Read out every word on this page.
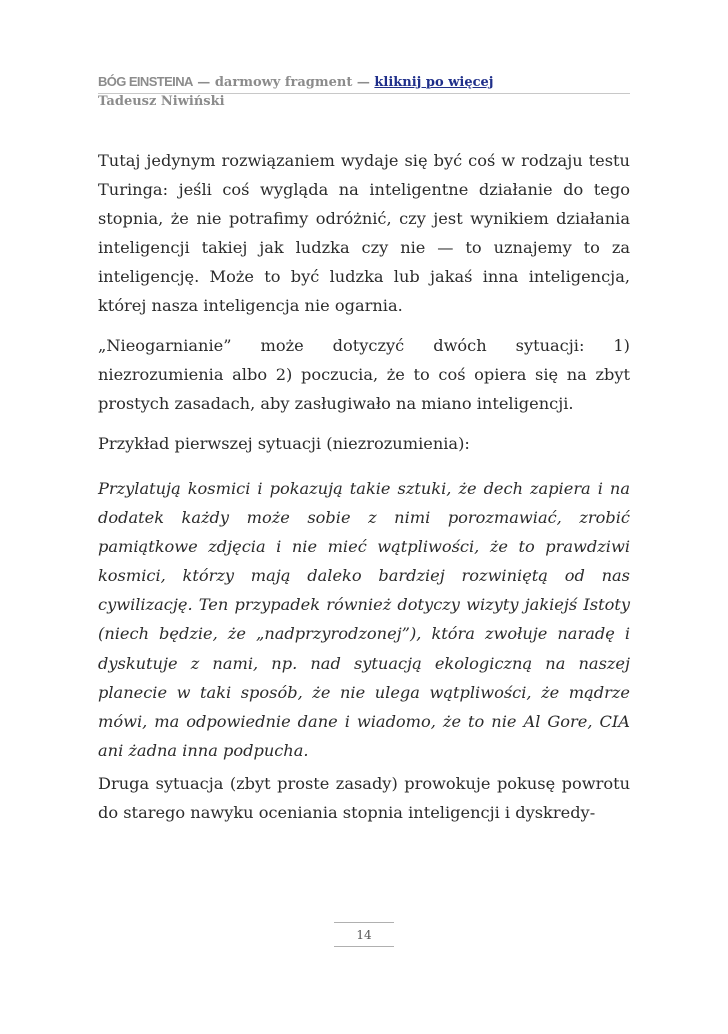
BÓG EINSTEINA — darmowy fragment — kliknij po więcej
Tadeusz Niwiński

Tutaj jedynym rozwiązaniem wydaje się być coś w rodzaju testu Turinga: jeśli coś wygląda na inteligentne działanie do tego stopnia, że nie potrafimy odróżnić, czy jest wynikiem działania inteligencji takiej jak ludzka czy nie — to uznajemy to za inteligencję. Może to być ludzka lub jakaś inna inteligencja, której nasza inteligencja nie ogarnia.

„Nieogarnianie” może dotyczyć dwóch sytuacji: 1) niezrozumienia albo 2) poczucia, że to coś opiera się na zbyt prostych zasadach, aby zasługiwało na miano inteligencji.

Przykład pierwszej sytuacji (niezrozumienia):

Przylatują kosmici i pokazują takie sztuki, że dech zapiera i na dodatek każdy może sobie z nimi porozmawiać, zrobić pamiątkowe zdjęcia i nie mieć wątpliwości, że to prawdziwi kosmici, którzy mają daleko bardziej rozwiniętą od nas cywilizację. Ten przypadek również dotyczy wizyty jakiejś Istoty (niech będzie, że „nadprzyrodzonej”), która zwołuje naradę i dyskutuje z nami, np. nad sytuacją ekologiczną na naszej planecie w taki sposób, że nie ulega wątpliwości, że mądrze mówi, ma odpowiednie dane i wiadomo, że to nie Al Gore, CIA ani żadna inna podpucha.

Druga sytuacja (zbyt proste zasady) prowokuje pokusę powrotu do starego nawyku oceniania stopnia inteligencji i dyskredy-

14
